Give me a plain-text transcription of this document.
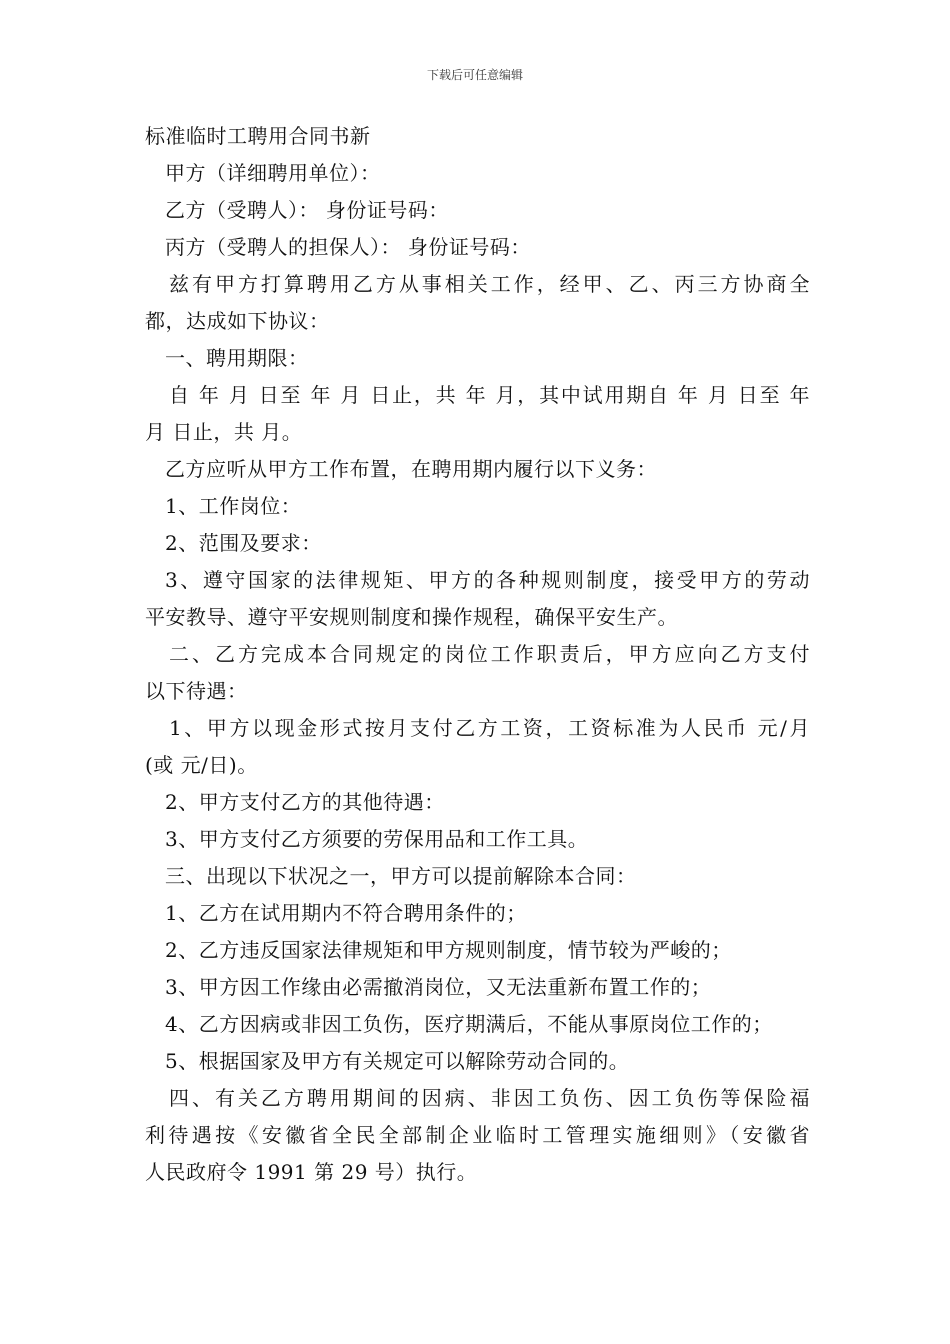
下载后可任意编辑
标准临时工聘用合同书新
甲方（详细聘用单位）：
乙方（受聘人）： 身份证号码：
丙方（受聘人的担保人）： 身份证号码：
兹有甲方打算聘用乙方从事相关工作，经甲、乙、丙三方协商全
都，达成如下协议：
一、聘用期限：
自 年 月 日至 年 月 日止，共 年 月，其中试用期自 年 月 日至 年
月 日止，共 月。
乙方应听从甲方工作布置，在聘用期内履行以下义务：
1、工作岗位：
2、范围及要求：
3、遵守国家的法律规矩、甲方的各种规则制度，接受甲方的劳动
平安教导、遵守平安规则制度和操作规程，确保平安生产。
二、乙方完成本合同规定的岗位工作职责后，甲方应向乙方支付
以下待遇：
1、甲方以现金形式按月支付乙方工资，工资标准为人民币 元/月
(或 元/日)。
2、甲方支付乙方的其他待遇：
3、甲方支付乙方须要的劳保用品和工作工具。
三、出现以下状况之一，甲方可以提前解除本合同：
1、乙方在试用期内不符合聘用条件的；
2、乙方违反国家法律规矩和甲方规则制度，情节较为严峻的；
3、甲方因工作缘由必需撤消岗位，又无法重新布置工作的；
4、乙方因病或非因工负伤，医疗期满后，不能从事原岗位工作的；
5、根据国家及甲方有关规定可以解除劳动合同的。
四、有关乙方聘用期间的因病、非因工负伤、因工负伤等保险福
利待遇按《安徽省全民全部制企业临时工管理实施细则》（安徽省
人民政府令 1991 第 29 号）执行。
